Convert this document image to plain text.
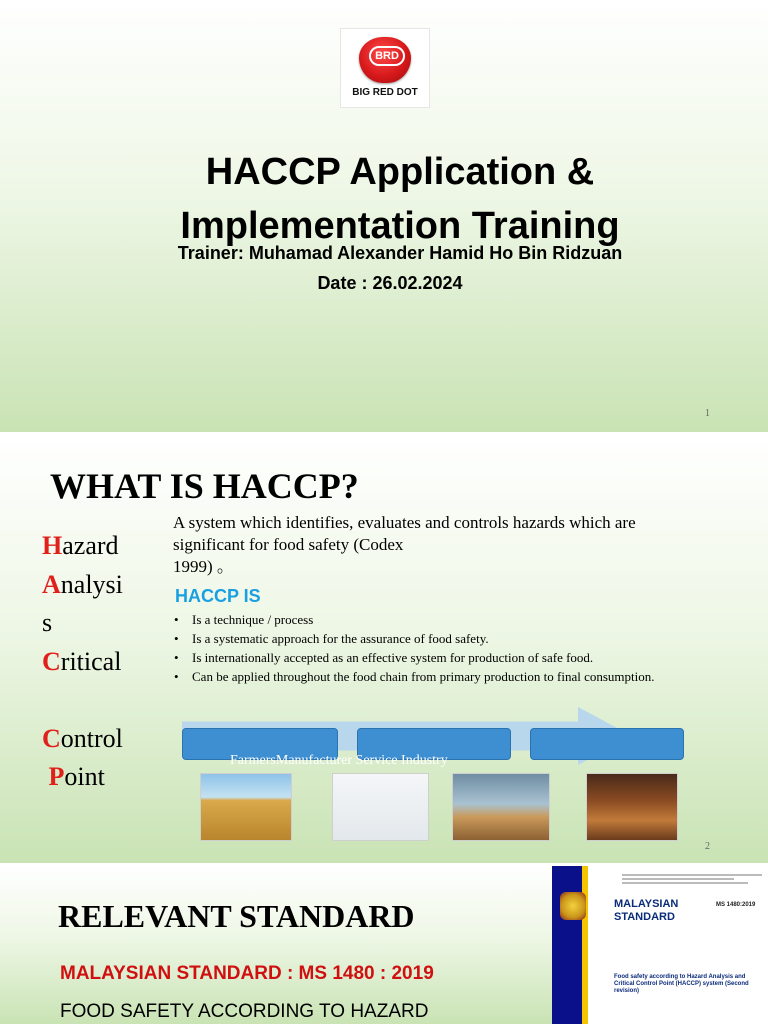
BRD
BIG RED DOT
HACCP Application &
Implementation Training
Trainer: Muhamad Alexander Hamid Ho Bin Ridzuan
Date : 26.02.2024
1
WHAT IS HACCP?
Hazard
Analysi
s
Critical

Control
Point
A system which identifies, evaluates and controls hazards which are
significant for food safety (Codex
1999) 。
HACCP IS
• Is a technique / process
• Is a systematic approach for the assurance of food safety.
• Is internationally accepted as an effective system for production of safe food.
• Can be applied throughout the food chain from primary production to final consumption.
FarmersManufacturer Service Industry
2
RELEVANT STANDARD
MALAYSIAN STANDARD : MS 1480 : 2019
FOOD SAFETY ACCORDING TO HAZARD
MALAYSIAN
STANDARD
MS 1480:2019
Food safety according to Hazard Analysis and Critical Control Point (HACCP) system (Second revision)
